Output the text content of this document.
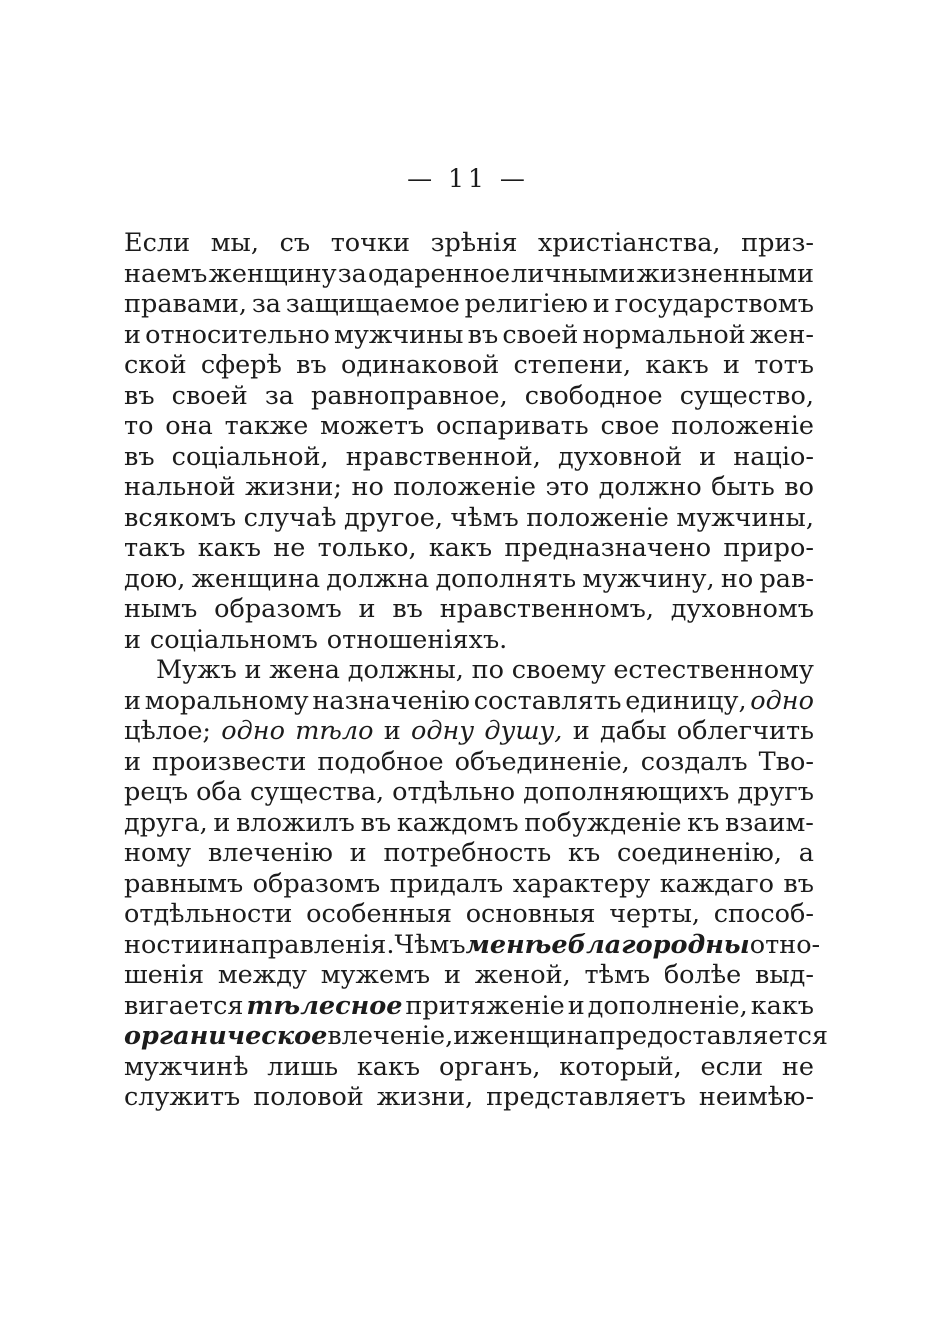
— 11 —
Если мы, съ точки зрѣнія христіанства, приз-
наемъ женщину за одаренное личными жизненными
правами, за защищаемое религіею и государствомъ
и относительно мужчины въ своей нормальной жен-
ской сферѣ въ одинаковой степени, какъ и тотъ
въ своей за равноправное, свободное существо,
то она также можетъ оспаривать свое положеніе
въ соціальной, нравственной, духовной и націо-
нальной жизни; но положеніе это должно быть во
всякомъ случаѣ другое, чѣмъ положеніе мужчины,
такъ какъ не только, какъ предназначено приро-
дою, женщина должна дополнять мужчину, но рав-
нымъ образомъ и въ нравственномъ, духовномъ
и соціальномъ отношеніяхъ.
Мужъ и жена должны, по своему естественному
и моральному назначенію составлять единицу, одно
цѣлое; одно тѣло и одну душу, и дабы облегчить
и произвести подобное объединеніе, создалъ Тво-
рецъ оба существа, отдѣльно дополняющихъ другъ
друга, и вложилъ въ каждомъ побужденіе къ взаим-
ному влеченію и потребность къ соединенію, а
равнымъ образомъ придалъ характеру каждаго въ
отдѣльности особенныя основныя черты, способ-
ности и направленія. Чѣмъ менѣе благородны отно-
шенія между мужемъ и женой, тѣмъ болѣе выд-
вигается тѣлесное притяженіе и дополненіе, какъ
органическое влеченіе, и женщина предоставляется
мужчинѣ лишь какъ органъ, который, если не
служитъ половой жизни, представляетъ неимѣю-
